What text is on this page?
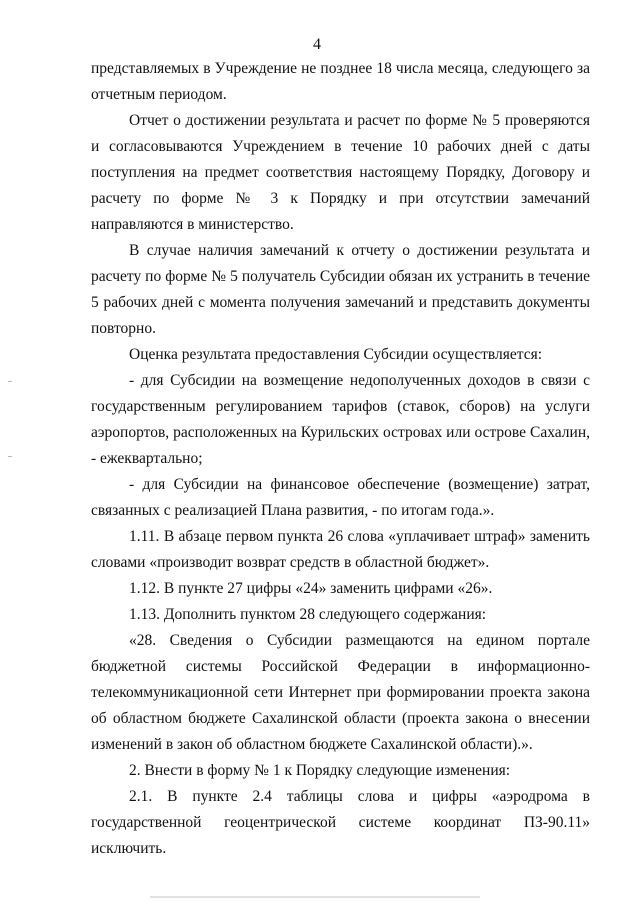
4

представляемых в Учреждение не позднее 18 числа месяца, следующего за отчетным периодом.

Отчет о достижении результата и расчет по форме № 5 проверяются и согласовываются Учреждением в течение 10 рабочих дней с даты поступления на предмет соответствия настоящему Порядку, Договору и расчету по форме № 3 к Порядку и при отсутствии замечаний направляются в министерство.

В случае наличия замечаний к отчету о достижении результата и расчету по форме № 5 получатель Субсидии обязан их устранить в течение 5 рабочих дней с момента получения замечаний и представить документы повторно.

Оценка результата предоставления Субсидии осуществляется:

- для Субсидии на возмещение недополученных доходов в связи с государственным регулированием тарифов (ставок, сборов) на услуги аэропортов, расположенных на Курильских островах или острове Сахалин, - ежеквартально;

- для Субсидии на финансовое обеспечение (возмещение) затрат, связанных с реализацией Плана развития, - по итогам года.».

1.11. В абзаце первом пункта 26 слова «уплачивает штраф» заменить словами «производит возврат средств в областной бюджет».

1.12. В пункте 27 цифры «24» заменить цифрами «26».

1.13. Дополнить пунктом 28 следующего содержания:

«28. Сведения о Субсидии размещаются на едином портале бюджетной системы Российской Федерации в информационно-телекоммуникационной сети Интернет при формировании проекта закона об областном бюджете Сахалинской области (проекта закона о внесении изменений в закон об областном бюджете Сахалинской области).».

2. Внести в форму № 1 к Порядку следующие изменения:

2.1. В пункте 2.4 таблицы слова и цифры «аэродрома в государственной геоцентрической системе координат ПЗ-90.11» исключить.
